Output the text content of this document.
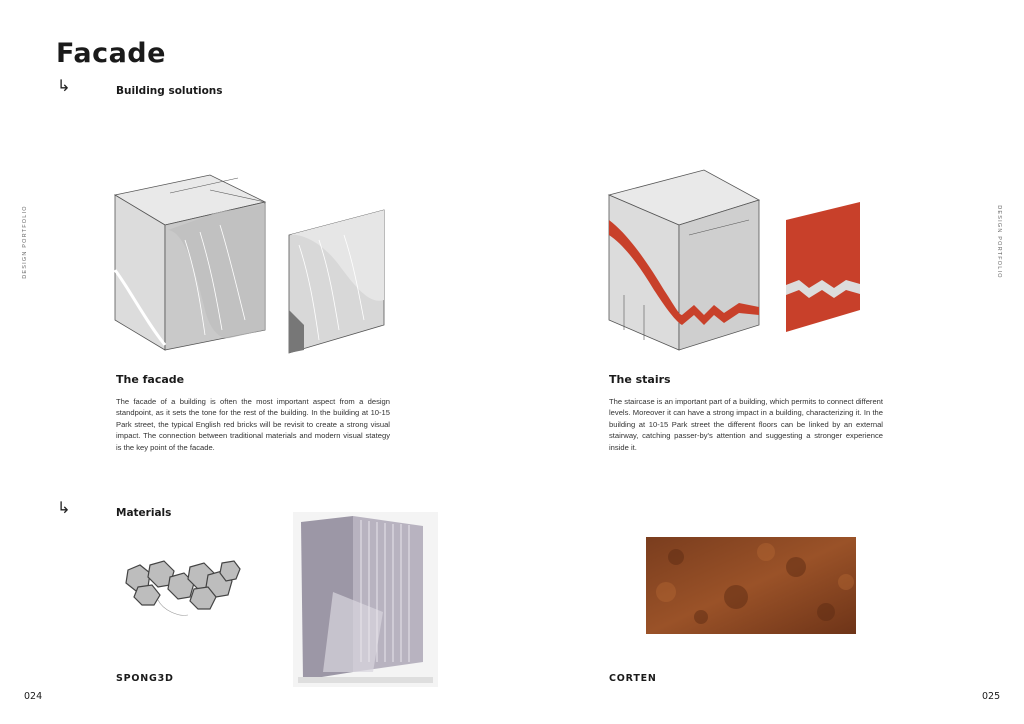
DESIGN PORTFOLIO	DESIGN PORTFOLIO
Facade
↳	Building solutions
The facade
The facade of a building is often the most important aspect from a design standpoint, as it sets the tone for the rest of the building. In the building at 10-15 Park street, the typical English red bricks will be revisit to create a strong visual impact. The connection between traditional materials and modern visual stategy is the key point of the facade.
The stairs
The staircase is an important part of a building, which permits to connect different levels. Moreover it can have a strong impact in a building, characterizing it. In the building at 10-15 Park street the different floors can be linked by an external stairway, catching passer-by's attention and suggesting a stronger experience inside it.
↳	Materials
SPONG3D	CORTEN
024	025
